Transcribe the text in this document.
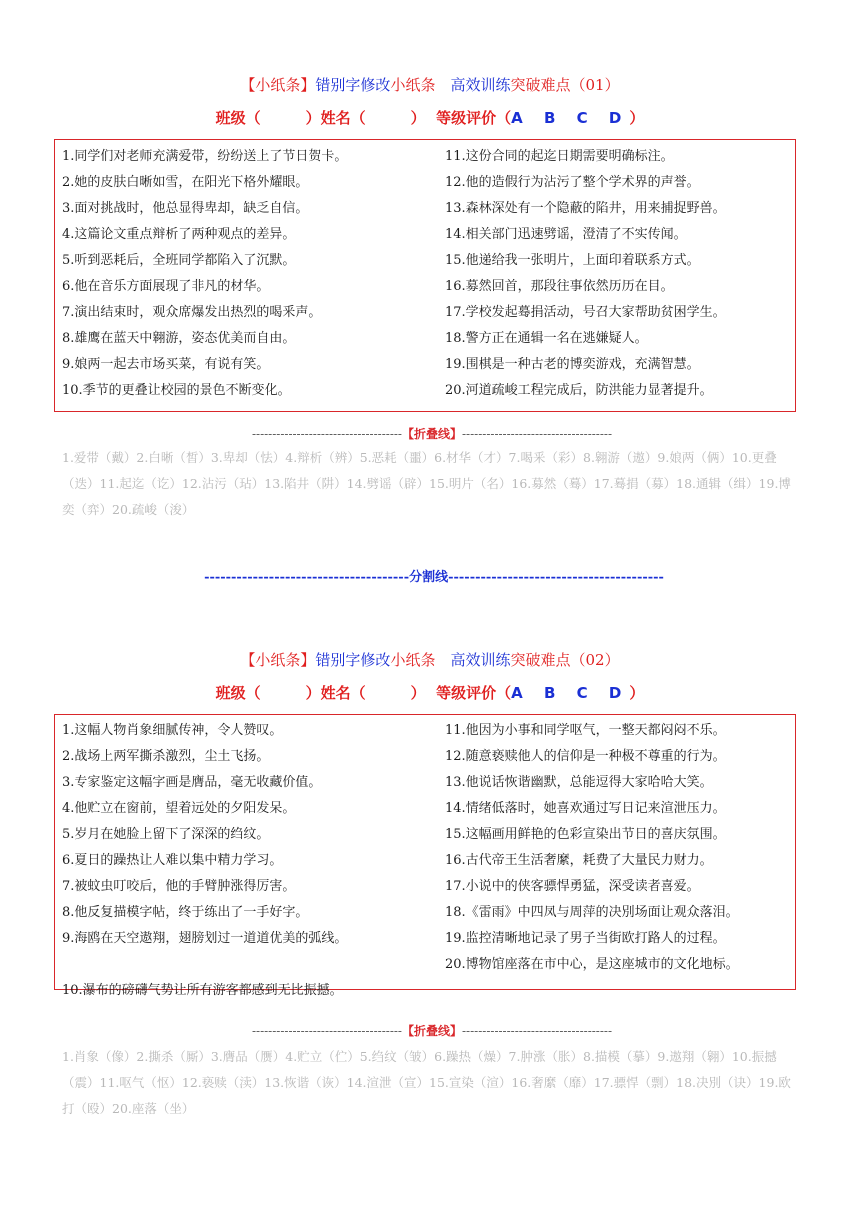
【小纸条】错别字修改小纸条　 高效训练突破难点（01）
班级（　　　）姓名（　　　） 等级评价（A B C D）
1.同学们对老师充满爱带，纷纷送上了节日贺卡。
2.她的皮肤白晰如雪，在阳光下格外耀眼。
3.面对挑战时，他总显得卑却，缺乏自信。
4.这篇论文重点辩析了两种观点的差异。
5.听到恶耗后，全班同学都陷入了沉默。
6.他在音乐方面展现了非凡的材华。
7.演出结束时，观众席爆发出热烈的喝釆声。
8.雄鹰在蓝天中翱游，姿态优美而自由。
9.娘两一起去市场买菜，有说有笑。
10.季节的更叠让校园的景色不断变化。
11.这份合同的起迄日期需要明确标注。
12.他的造假行为沾污了整个学术界的声誉。
13.森林深处有一个隐蔽的陷井，用来捕捉野兽。
14.相关部门迅速劈谣，澄清了不实传闻。
15.他递给我一张明片，上面印着联系方式。
16.募然回首，那段往事依然历历在目。
17.学校发起蓦捐活动，号召大家帮助贫困学生。
18.警方正在通辑一名在逃嫌疑人。
19.围棋是一种古老的博奕游戏，充满智慧。
20.河道疏峻工程完成后，防洪能力显著提升。
-------------------------------------【折叠线】-------------------------------------
1.爱带（戴）2.白晰（皙）3.卑却（怯）4.辩析（辨）5.恶耗（噩）6.材华（才）7.喝釆（彩）8.翱游（遨）9.娘两（俩）10.更叠（迭）11.起迄（讫）12.沾污（玷）13.陷井（阱）14.劈谣（辟）15.明片（名）16.募然（蓦）17.蓦捐（募）18.通辑（缉）19.博奕（弈）20.疏峻（浚）
--------------------------------------分割线----------------------------------------
【小纸条】错别字修改小纸条　 高效训练突破难点（02）
班级（　　　）姓名（　　　） 等级评价（A B C D）
1.这幅人物肖象细腻传神，令人赞叹。
2.战场上两军撕杀激烈，尘土飞扬。
3.专家鉴定这幅字画是膺品，毫无收藏价值。
4.他贮立在窗前，望着远处的夕阳发呆。
5.岁月在她脸上留下了深深的绉纹。
6.夏日的躁热让人难以集中精力学习。
7.被蚊虫叮咬后，他的手臂肿涨得厉害。
8.他反复描模字帖，终于练出了一手好字。
9.海鸥在天空遨翔，翅膀划过一道道优美的弧线。
10.瀑布的磅礴气势让所有游客都感到无比振撼。
11.他因为小事和同学呕气，一整天都闷闷不乐。
12.随意亵赎他人的信仰是一种极不尊重的行为。
13.他说话恢谐幽默，总能逗得大家哈哈大笑。
14.情绪低落时，她喜欢通过写日记来渲泄压力。
15.这幅画用鲜艳的色彩宣染出节日的喜庆氛围。
16.古代帝王生活奢縻，耗费了大量民力财力。
17.小说中的侠客骠悍勇猛，深受读者喜爱。
18.《雷雨》中四凤与周萍的决別场面让观众落泪。
19.监控清晰地记录了男子当街欧打路人的过程。
20.博物馆座落在市中心，是这座城市的文化地标。
-------------------------------------【折叠线】-------------------------------------
1.肖象（像）2.撕杀（厮）3.膺品（赝）4.贮立（伫）5.绉纹（皱）6.躁热（燥）7.肿涨（胀）8.描模（摹）9.遨翔（翱）10.振撼（震）11.呕气（怄）12.亵赎（渎）13.恢谐（诙）14.渲泄（宣）15.宣染（渲）16.奢縻（靡）17.骠悍（剽）18.决別（诀）19.欧打（殴）20.座落（坐）
